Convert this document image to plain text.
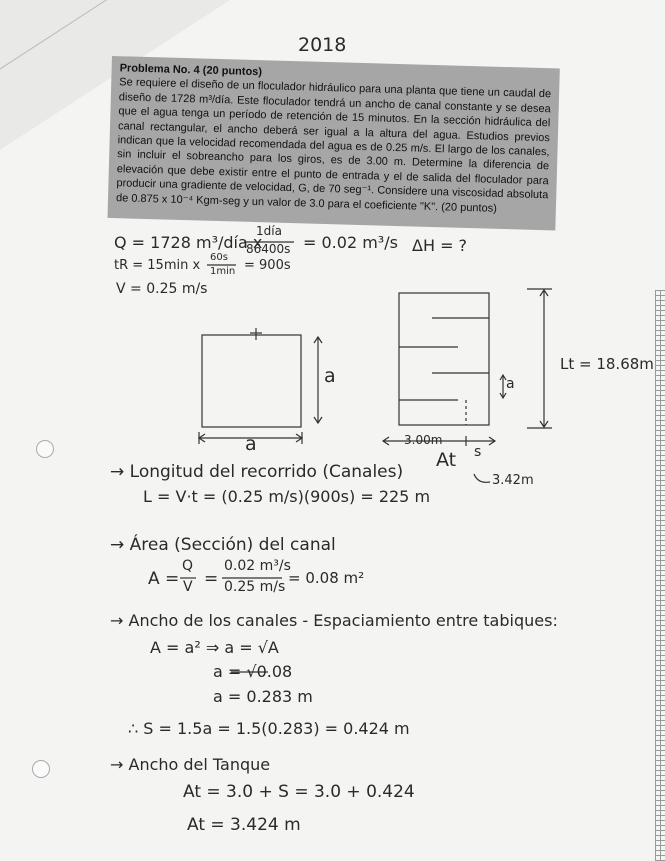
2018
Problema No. 4 (20 puntos)
Se requiere el diseño de un floculador hidráulico para una planta que tiene un caudal de diseño de 1728 m³/día. Este floculador tendrá un ancho de canal constante y se desea que el agua tenga un período de retención de 15 minutos. En la sección hidráulica del canal rectangular, el ancho deberá ser igual a la altura del agua. Estudios previos indican que la velocidad recomendada del agua es de 0.25 m/s. El largo de los canales, sin incluir el sobreancho para los giros, es de 3.00 m. Determine la diferencia de elevación que debe existir entre el punto de entrada y el de salida del floculador para producir una gradiente de velocidad, G, de 70 seg⁻¹. Considere una viscosidad absoluta de 0.875 x 10⁻⁴ Kgm-seg y un valor de 3.0 para el coeficiente "K". (20 puntos)
Q = 1728 m³/día x
1día
86400s = 0.02 m³/s ΔH = ?
tR = 15min x
60s
1min = 900s
V = 0.25 m/s
a
a
a
Lt = 18.68m
3.00m
s
At
3.42m
→ Longitud del recorrido (Canales)
L = V·t = (0.25 m/s)(900s) = 225 m
→ Área (Sección) del canal
A =
Q
V =
0.02 m³/s
0.25 m/s = 0.08 m²
→ Ancho de los canales - Espaciamiento entre tabiques:
A = a² ⇒ a = √A
a = √0.08
a = 0.283 m
∴ S = 1.5a = 1.5(0.283) = 0.424 m
→ Ancho del Tanque
At = 3.0 + S = 3.0 + 0.424
At = 3.424 m
